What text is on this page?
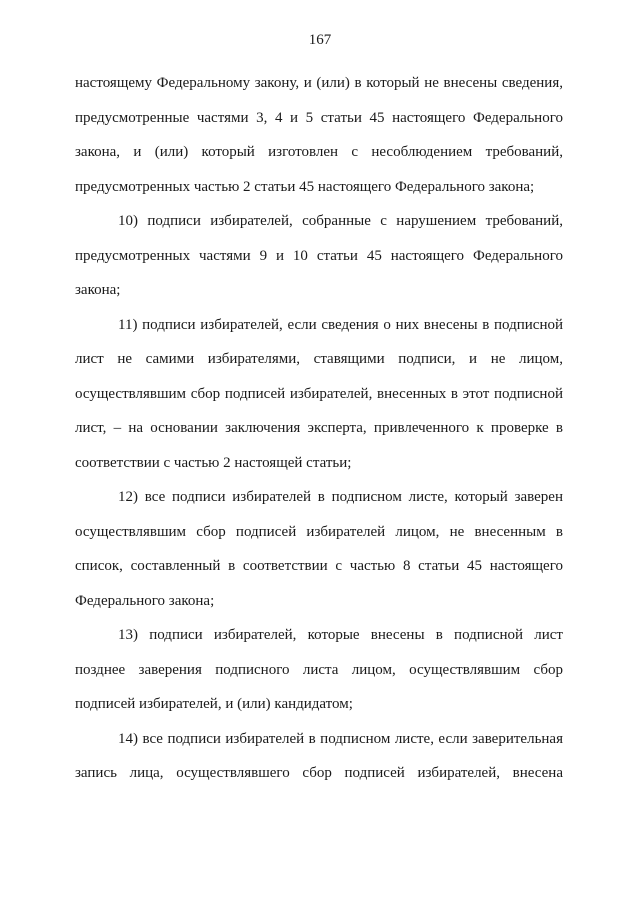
167
настоящему Федеральному закону, и (или) в который не внесены сведения,
предусмотренные частями 3, 4 и 5 статьи 45 настоящего Федерального
закона, и (или) который изготовлен с несоблюдением требований,
предусмотренных частью 2 статьи 45 настоящего Федерального закона;
10) подписи избирателей, собранные с нарушением требований,
предусмотренных частями 9 и 10 статьи 45 настоящего Федерального
закона;
11) подписи избирателей, если сведения о них внесены в подписной
лист не самими избирателями, ставящими подписи, и не лицом,
осуществлявшим сбор подписей избирателей, внесенных в этот подписной
лист, – на основании заключения эксперта, привлеченного к проверке в
соответствии с частью 2 настоящей статьи;
12) все подписи избирателей в подписном листе, который заверен
осуществлявшим сбор подписей избирателей лицом, не внесенным в
список, составленный в соответствии с частью 8 статьи 45 настоящего
Федерального закона;
13) подписи избирателей, которые внесены в подписной лист
позднее заверения подписного листа лицом, осуществлявшим сбор
подписей избирателей, и (или) кандидатом;
14) все подписи избирателей в подписном листе, если заверительная
запись лица, осуществлявшего сбор подписей избирателей, внесена
